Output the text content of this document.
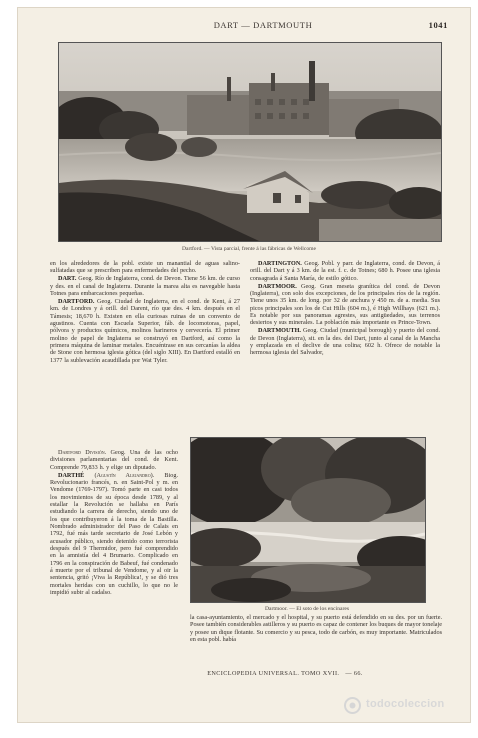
DART — DARTMOUTH	1041
Dartford. — Vista parcial, frente á las fábricas de Wellcome

en los alrededores de la pobl. existe un manantial de aguas salino-sulfatadas que se prescriben para enfermedades del pecho.

DART. Geog. Río de Inglaterra, cond. de Devon. Tiene 56 km. de curso y des. en el canal de Inglaterra. Durante la marea alta es navegable hasta Totnes para embarcaciones pequeñas.

DARTFORD. Geog. Ciudad de Inglaterra, en el cond. de Kent, á 27 km. de Londres y á orill. del Darent, río que des. 4 km. después en el Támesis; 18,670 h. Existen en ella curiosas ruinas de un convento de agustinos. Cuenta con Escuela Superior, fáb. de locomotoras, papel, pólvora y productos químicos, molinos harineros y cervecería. El primer molino de papel de Inglaterra se construyó en Dartford, así como la primera máquina de laminar metales. Encuéntrase en sus cercanías la aldea de Stone con hermosa iglesia gótica (del siglo XIII). En Dartford estalló en 1377 la sublevación acaudillada por Wat Tyler.

Dartford División. Geog. Una de las ocho divisiones parlamentarias del cond. de Kent. Comprende 79,833 h. y elige un diputado.

DARTHÉ (Agustín Alejandro). Biog. Revolucionario francés, n. en Saint-Pol y m. en Vendome (1769-1797). Tomó parte en casi todos los movimientos de su época desde 1789, y al estallar la Revolución se hallaba en París estudiando la carrera de derecho, siendo uno de los que contribuyeron á la toma de la Bastilla. Nombrado administrador del Paso de Calais en 1792, fué más tarde secretario de José Lebón y acusador público, siendo detenido como terrorista después del 9 Thermidor, pero fué comprendido en la amnistía del 4 Brumario. Complicado en 1796 en la conspiración de Babeuf, fué condenado á muerte por el tribunal de Vendome, y al oir la sentencia, gritó ¡Viva la República!, y se dió tres mortales heridas con un cuchillo, lo que no le impidió subir al cadalso.

DARTINGTON. Geog. Pobl. y parr. de Inglaterra, cond. de Devon, á orill. del Dart y á 3 km. de la est. f. c. de Totnes; 680 h. Posee una iglesia consagrada á Santa María, de estilo gótico.

DARTMOOR. Geog. Gran meseta granítica del cond. de Devon (Inglaterra), con solo dos excepciones, de los principales ríos de la región. Tiene unos 35 km. de long. por 32 de anchura y 450 m. de a. media. Sus picos principales son los de Cut Hills (604 m.), é High Willhays (621 m.). Es notable por sus panoramas agrestes, sus antigüedades, sus terrenos desiertos y sus minerales. La población más importante es Prince-Town.

DARTMOUTH. Geog. Ciudad (municipal borough) y puerto del cond. de Devon (Inglaterra), sit. en la des. del Dart, junto al canal de la Mancha y emplazada en el declive de una colina; 602 h. Ofrece de notable la hermosa iglesia del Salvador,

Dartmoor. — El soto de los encinares

la casa-ayuntamiento, el mercado y el hospital, y su puerto está defendido en su des. por un fuerte. Posee también considerables astilleros y su puerto es capaz de contener los buques de mayor tonelaje y posee un dique flotante. Su comercio y su pesca, todo de carbón, es muy importante. Matriculados en esta pobl. había

ENCICLOPEDIA UNIVERSAL. TOMO XVII. — 66.
todocoleccion
